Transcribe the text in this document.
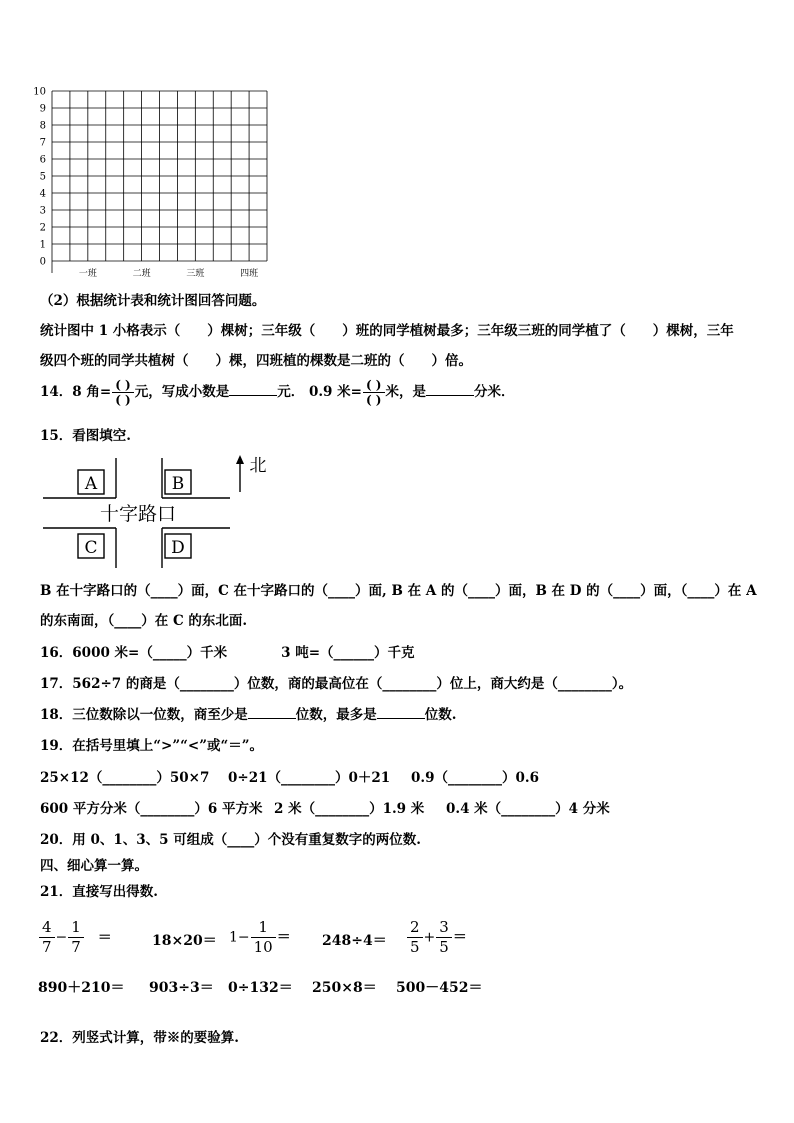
0
1
2
3
4
5
6
7
8
9
10
一班	二班	三班	四班
（2）根据统计表和统计图回答问题。
统计图中 1 小格表示（　　）棵树；三年级（　　）班的同学植树最多；三年级三班的同学植了（　　）棵树，三年
级四个班的同学共植树（　　）棵，四班植的棵数是二班的（　　）倍。
14．8 角= $\frac{( )}{( )}$ 元，写成小数是	元． 0.9 米= $\frac{( )}{( )}$ 米，是	分米．
15．看图填空.
A	B
C	D
十字路口
北
B 在十字路口的（____）面，C 在十字路口的（____）面, B 在 A 的（____）面，B 在 D 的（____）面，（____）在 A
的东南面，（____）在 C 的东北面.
16．6000 米=（_____）千米　　　　3 吨=（______）千克
17．562÷7 的商是（________）位数，商的最高位在（________）位上，商大约是（________）。
18．三位数除以一位数，商至少是	位数，最多是	位数.
19．在括号里填上“>”“<”或“＝”。
25×12（________）50×7 0÷21（________）0＋21 0.9（________）0.6
600 平方分米（________）6 平方米 2 米（________）1.9 米 0.4 米（________）4 分米
20．用 0、1、3、5 可组成（____）个没有重复数字的两位数.
四、细心算一算。
21．直接写出得数.
$\frac{4}{7} - \frac{1}{7}$ ＝	$18\times 20= 1- \frac{1}{10} = 248\div 4= \frac{2}{5} + \frac{3}{5}$ ＝
890＋210＝ 903÷3＝ 0÷132＝ 250×8＝ 500－452＝
22．列竖式计算，带※的要验算.
